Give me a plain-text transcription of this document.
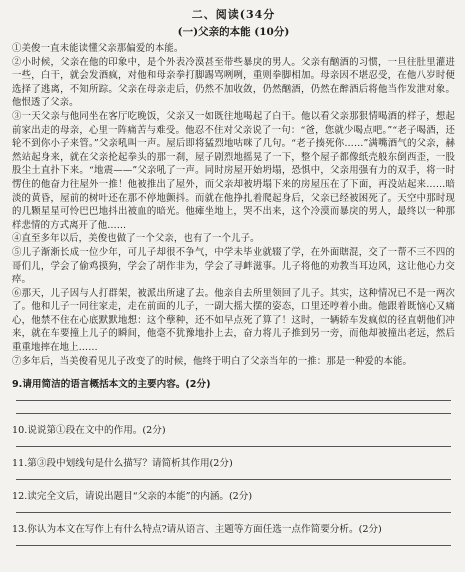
二、阅读(34分
(一)父亲的本能 (10分)

①美俊一直未能读懂父亲那偏爱的本能。

②小时候，父亲在他的印象中，是个外表冷漠甚至带些暴戾的男人。父亲有酗酒的习惯，一旦往肚里灌进一些，白干，就会发酒疯，对他和母亲拳打脚踢骂咧咧，重则拳脚相加。母亲因不堪忍受，在他八岁时便选择了逃离，不知所踪。父亲在母亲走后，仍然不加收敛，仍然酗酒，仍然在醉酒后将他当作发泄对象。他恨透了父亲。

③一天父亲与他同坐在客厅吃晚饭，父亲又一如既往地喝起了白干。他以看父亲那狠情喝酒的样子，想起前家出走的母亲，心里一阵痛苦与难受。他忍不住对父亲说了一句：“爸，您就少喝点吧。”“老子喝酒，还轮不到你小子来管。”父亲吼叫一声。屋后即将猛烈地咕咪了几句。“老子揍死你……”满嘴酒气的父亲，赫然站起身来，就在父亲抡起拳头的那一刹，屋子剧烈地摇晃了一下，整个屋子都像纸壳般东倒西歪，一股股尘土直扑下来。“地震——”父亲吼了一声。同时房屋开始坍塌，恐惧中，父亲用强有力的双手，将一时愣住的他奋力往屋外一推！他被推出了屋外，而父亲却被坍塌下来的房屋压在了下面，再没站起来……暗淡的黄昏，屋前的树叶还在那不停地颤抖。而就在他挣扎着爬起身后，父亲已经被困死了。天空中那时现的几颗星星可怜巴巴地抖出被血的暗光。他瘫坐地上，哭不出来，这个冷漠而暴戾的男人，最终以一种那样悲情的方式离开了他……

④直至多年以后，美俊也做了一个父亲，也有了一个儿子。

⑤儿子渐渐长成一位少年，可儿子却很不争气，中学未毕业就辍了学，在外面瞎混，交了一帮不三不四的哥们儿，学会了偷鸡摸狗，学会了胡作非为，学会了寻衅滋事。儿子将他的劝教当耳边风，这让他心力交瘁。

⑥那天，儿子因与人打群架，被派出所逮了去。他亲自去所里领回了儿子。其实，这种情况已不是一两次了。他和儿子一同往家走，走在前面的儿子，一副大摇大摆的姿态，口里还哼着小曲。他跟着既恼心又痛心，他禁不住在心底默默地想：这个孽种，还不如早点死了算了！这时，一辆轿车发疯似的径直朝他们冲来，就在车要撞上儿子的瞬间，他毫不犹豫地扑上去，奋力将儿子推到另一旁，而他却被撞出老远，然后重重地摔在地上……

⑦多年后，当美俊看见儿子改变了的时候，他终于明白了父亲当年的一推：那是一种爱的本能。

9.请用简洁的语言概括本文的主要内容。(2分)
10.说说第①段在文中的作用。(2分)
11.第③段中划线句是什么描写？请简析其作用(2分)
12.读完全文后，请说出题目“父亲的本能”的内涵。(2分)
13.你认为本文在写作上有什么特点?请从语言、主题等方面任选一点作简要分析。(2分)
